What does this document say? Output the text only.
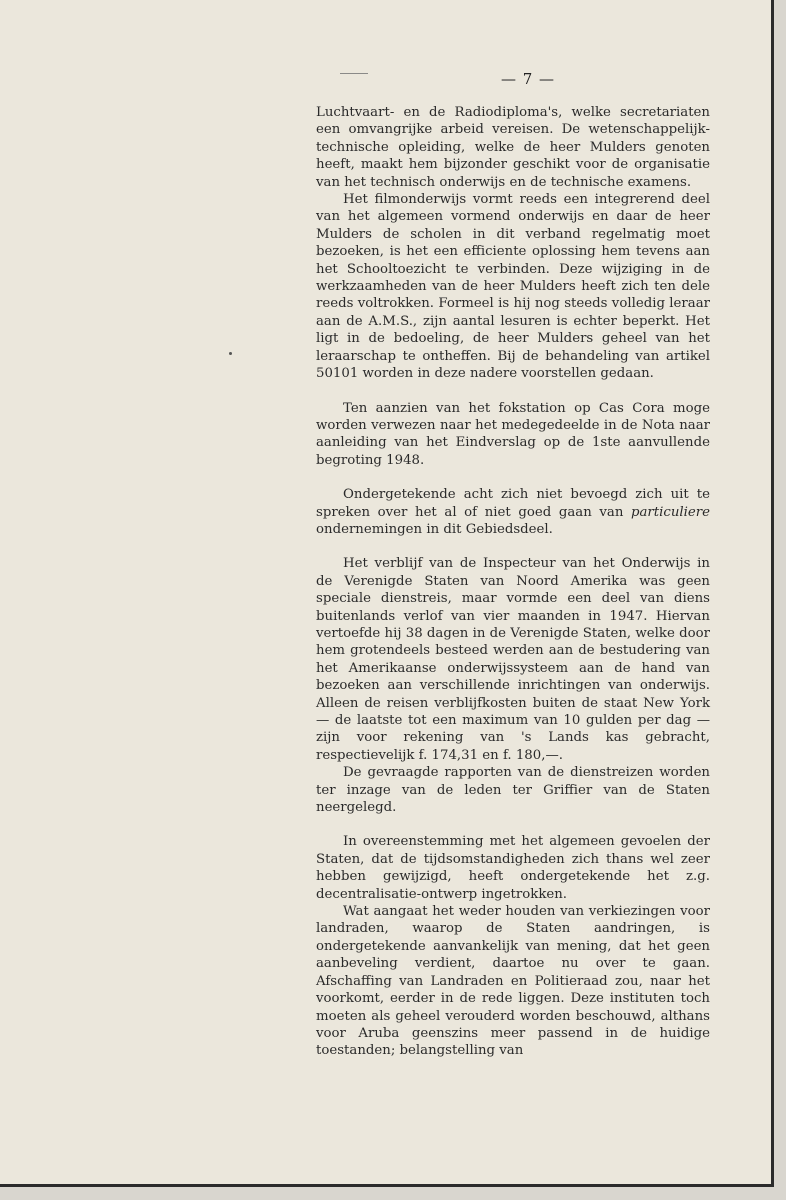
— 7 —

Luchtvaart- en de Radiodiploma's, welke secretariaten een omvangrijke arbeid vereisen. De wetenschappelijk-technische opleiding, welke de heer Mulders genoten heeft, maakt hem bijzonder geschikt voor de organisatie van het technisch onderwijs en de technische examens.

Het filmonderwijs vormt reeds een integrerend deel van het algemeen vormend onderwijs en daar de heer Mulders de scholen in dit verband regelmatig moet bezoeken, is het een efficiente oplossing hem tevens aan het Schooltoezicht te verbinden. Deze wijziging in de werkzaamheden van de heer Mulders heeft zich ten dele reeds voltrokken. Formeel is hij nog steeds volledig leraar aan de A.M.S., zijn aantal lesuren is echter beperkt. Het ligt in de bedoeling, de heer Mulders geheel van het leraarschap te ontheffen. Bij de behandeling van artikel 50101 worden in deze nadere voorstellen gedaan.

Ten aanzien van het fokstation op Cas Cora moge worden verwezen naar het medegedeelde in de Nota naar aanleiding van het Eindverslag op de 1ste aanvullende begroting 1948.

Ondergetekende acht zich niet bevoegd zich uit te spreken over het al of niet goed gaan van particuliere ondernemingen in dit Gebiedsdeel.

Het verblijf van de Inspecteur van het Onderwijs in de Verenigde Staten van Noord Amerika was geen speciale dienstreis, maar vormde een deel van diens buitenlands verlof van vier maanden in 1947. Hiervan vertoefde hij 38 dagen in de Verenigde Staten, welke door hem grotendeels besteed werden aan de bestudering van het Amerikaanse onderwijssysteem aan de hand van bezoeken aan verschillende inrichtingen van onderwijs. Alleen de reisen verblijfkosten buiten de staat New York — de laatste tot een maximum van 10 gulden per dag — zijn voor rekening van 's Lands kas gebracht, respectievelijk f. 174,31 en f. 180,—.

De gevraagde rapporten van de dienstreizen worden ter inzage van de leden ter Griffier van de Staten neergelegd.

In overeenstemming met het algemeen gevoelen der Staten, dat de tijdsomstandigheden zich thans wel zeer hebben gewijzigd, heeft ondergetekende het z.g. decentralisatie-ontwerp ingetrokken.

Wat aangaat het weder houden van verkiezingen voor landraden, waarop de Staten aandringen, is ondergetekende aanvankelijk van mening, dat het geen aanbeveling verdient, daartoe nu over te gaan. Afschaffing van Landraden en Politieraad zou, naar het voorkomt, eerder in de rede liggen. Deze instituten toch moeten als geheel verouderd worden beschouwd, althans voor Aruba geenszins meer passend in de huidige toestanden; belangstelling van
